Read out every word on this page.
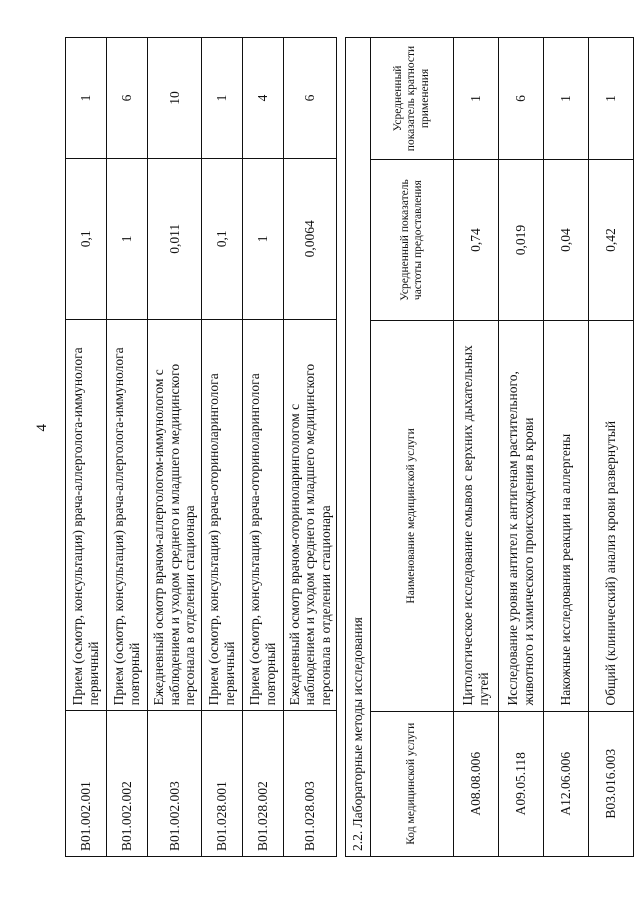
4
B01.002.001	Прием (осмотр, консультация) врача-аллерголога-иммунолога первичный	0,1	1
B01.002.002	Прием (осмотр, консультация) врача-аллерголога-иммунолога повторный	1	6
B01.002.003	Ежедневный осмотр врачом-аллергологом-иммунологом с наблюдением и уходом среднего и младшего медицинского персонала в отделении стационара	0,011	10
B01.028.001	Прием (осмотр, консультация) врача-оториноларинголога первичный	0,1	1
B01.028.002	Прием (осмотр, консультация) врача-оториноларинголога повторный	1	4
B01.028.003	Ежедневный осмотр врачом-оториноларингологом с наблюдением и уходом среднего и младшего медицинского персонала в отделении стационара	0,0064	6
2.2. Лабораторные методы исследования			
Код медицинской услуги	Наименование медицинской услуги	Усредненный показатель частоты предоставления	Усредненный показатель кратности применения
A08.08.006	Цитологическое исследование смывов с верхних дыхательных путей	0,74	1
A09.05.118	Исследование уровня антител к антигенам растительного, животного и химического происхождения в крови	0,019	6
A12.06.006	Накожные исследования реакции на аллергены	0,04	1
B03.016.003	Общий (клинический) анализ крови развернутый	0,42	1
